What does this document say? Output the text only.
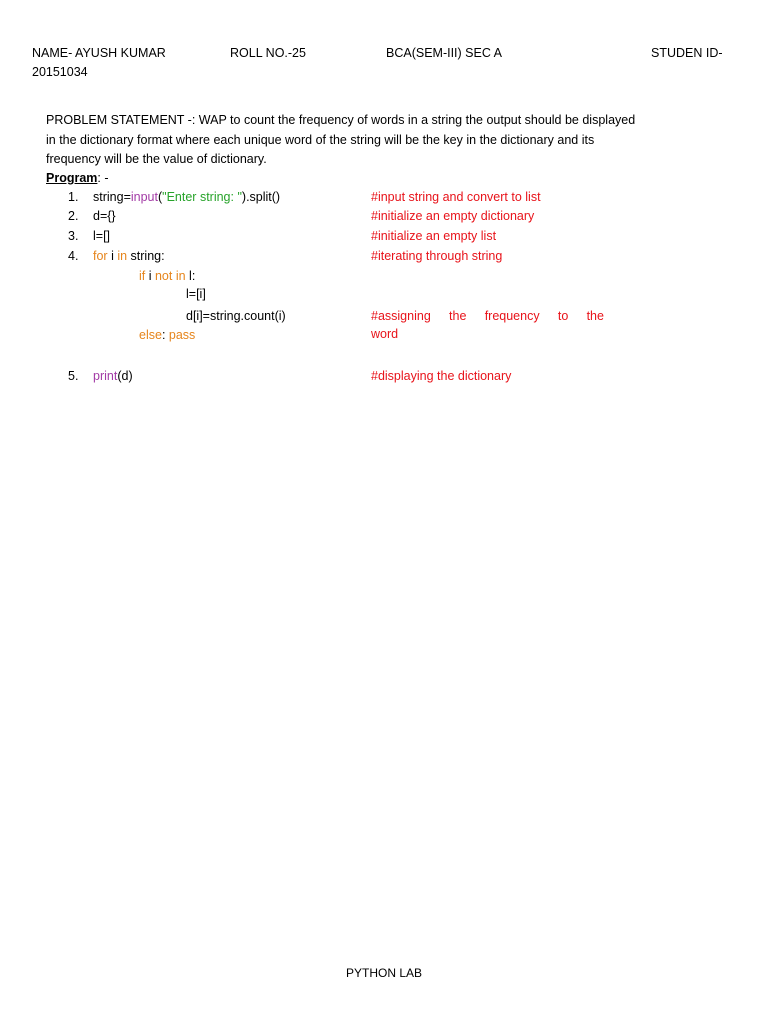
NAME- AYUSH KUMAR	ROLL NO.-25	BCA(SEM-III) SEC A	STUDEN ID-
20151034
PROBLEM STATEMENT -: WAP to count the frequency of words in a string the output should be displayed
in the dictionary format where each unique word of the string will be the key in the dictionary and its
frequency will be the value of dictionary.
Program: -
1. string=input("Enter string: ").split()	#input string and convert to list
2. d={}	#initialize an empty dictionary
3. l=[]	#initialize an empty list
4. for i in string:	#iterating through string
if i not in l:
l=[i]
d[i]=string.count(i)	#assigning the frequency to the
word
else: pass
5. print(d)	#displaying the dictionary
PYTHON LAB
